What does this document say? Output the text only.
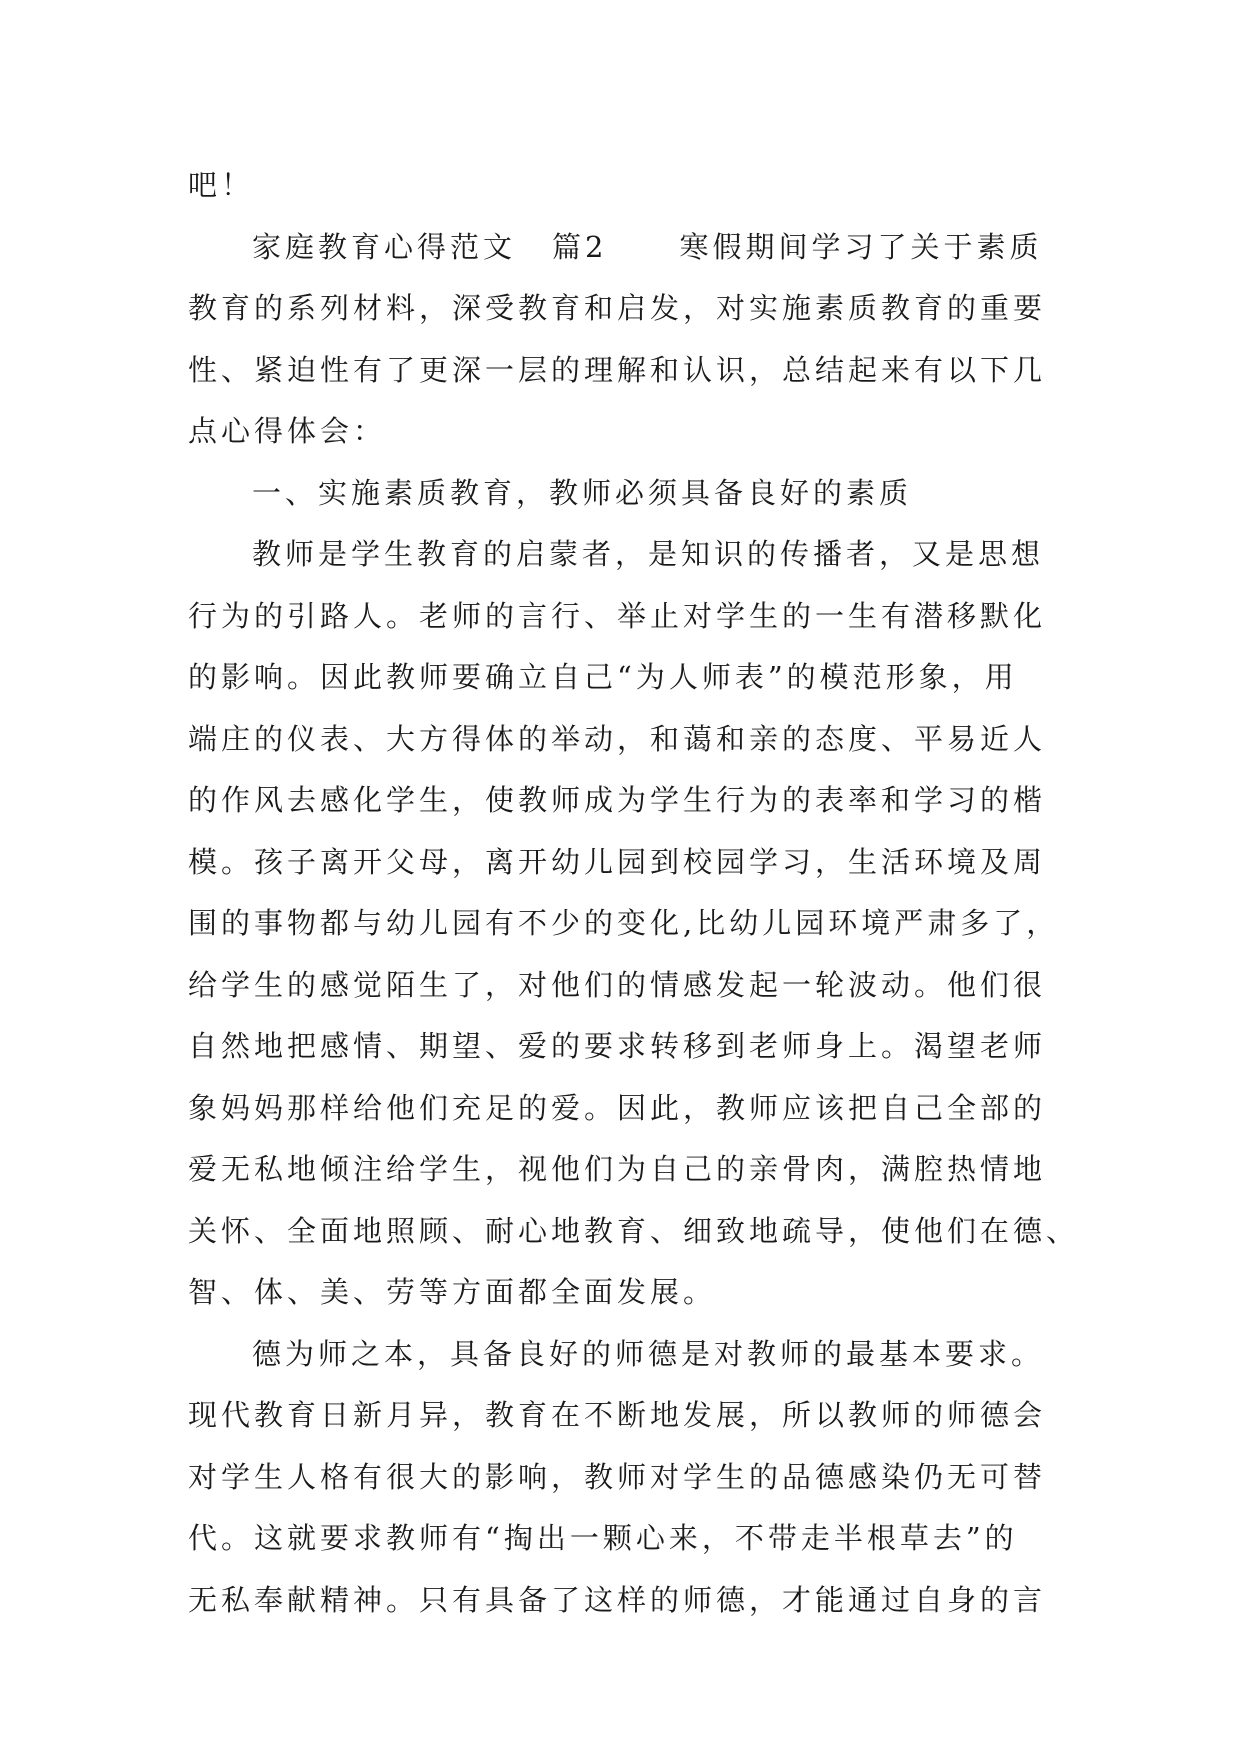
吧！
家庭教育心得范文 篇2 寒假期间学习了关于素质
教育的系列材料，深受教育和启发，对实施素质教育的重要
性、紧迫性有了更深一层的理解和认识，总结起来有以下几
点心得体会：
一、实施素质教育，教师必须具备良好的素质
教师是学生教育的启蒙者，是知识的传播者，又是思想
行为的引路人。老师的言行、举止对学生的一生有潜移默化
的影响。因此教师要确立自己“为人师表”的模范形象，用
端庄的仪表、大方得体的举动，和蔼和亲的态度、平易近人
的作风去感化学生，使教师成为学生行为的表率和学习的楷
模。孩子离开父母，离开幼儿园到校园学习，生活环境及周
围的事物都与幼儿园有不少的变化,比幼儿园环境严肃多了，
给学生的感觉陌生了，对他们的情感发起一轮波动。他们很
自然地把感情、期望、爱的要求转移到老师身上。渴望老师
象妈妈那样给他们充足的爱。因此，教师应该把自己全部的
爱无私地倾注给学生，视他们为自己的亲骨肉，满腔热情地
关怀、全面地照顾、耐心地教育、细致地疏导，使他们在德、
智、体、美、劳等方面都全面发展。
德为师之本，具备良好的师德是对教师的最基本要求。
现代教育日新月异，教育在不断地发展，所以教师的师德会
对学生人格有很大的影响，教师对学生的品德感染仍无可替
代。这就要求教师有“掏出一颗心来，不带走半根草去”的
无私奉献精神。只有具备了这样的师德，才能通过自身的言
